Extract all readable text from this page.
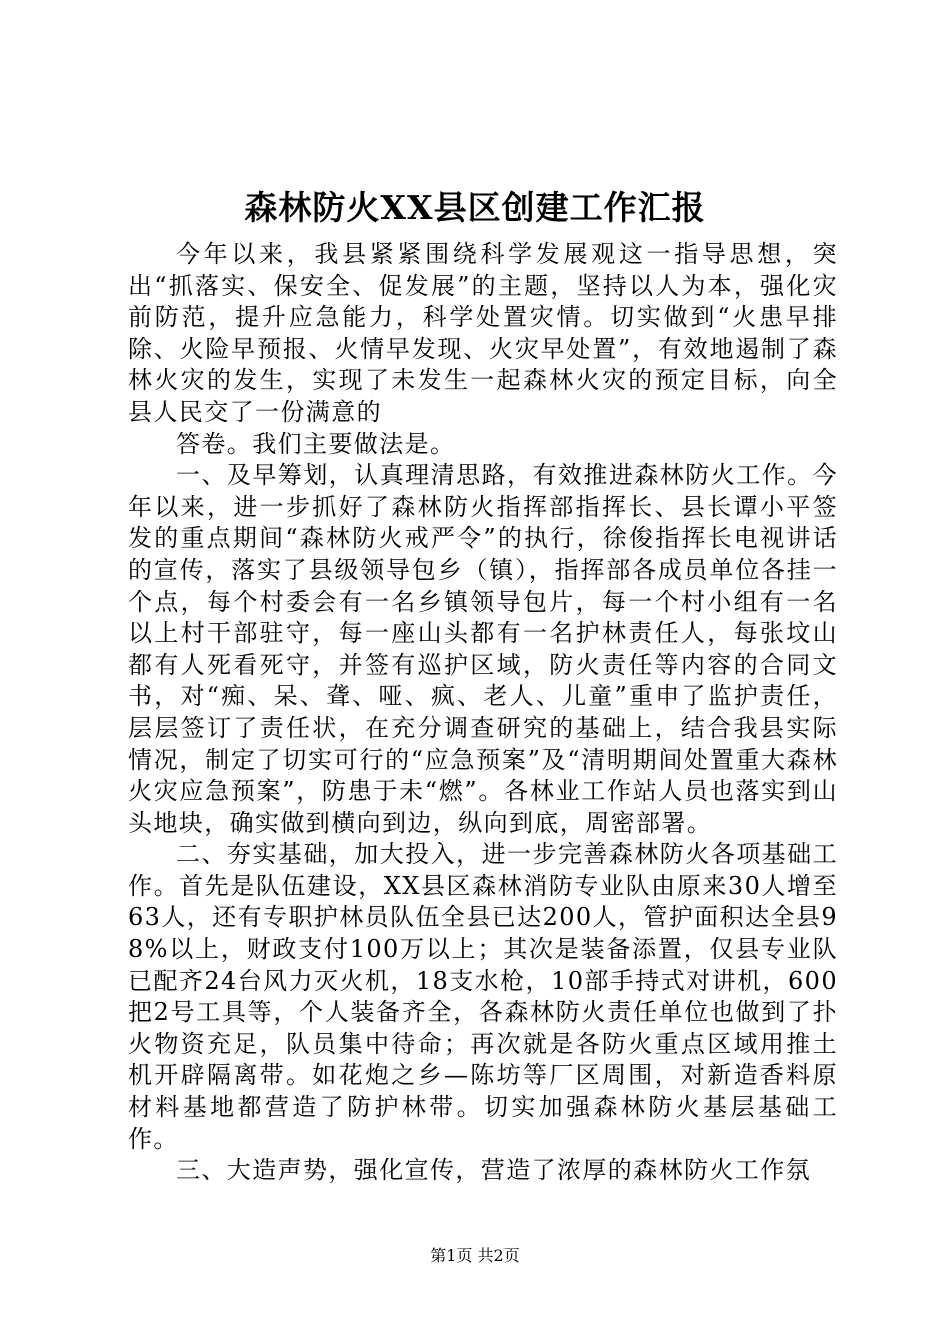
森林防火XX县区创建工作汇报

今年以来，我县紧紧围绕科学发展观这一指导思想，突出“抓落实、保安全、促发展”的主题，坚持以人为本，强化灾前防范，提升应急能力，科学处置灾情。切实做到“火患早排除、火险早预报、火情早发现、火灾早处置”，有效地遏制了森林火灾的发生，实现了未发生一起森林火灾的预定目标，向全县人民交了一份满意的

答卷。我们主要做法是。

一、及早筹划，认真理清思路，有效推进森林防火工作。今年以来，进一步抓好了森林防火指挥部指挥长、县长谭小平签发的重点期间“森林防火戒严令”的执行，徐俊指挥长电视讲话的宣传，落实了县级领导包乡（镇），指挥部各成员单位各挂一个点，每个村委会有一名乡镇领导包片，每一个村小组有一名以上村干部驻守，每一座山头都有一名护林责任人，每张坟山都有人死看死守，并签有巡护区域，防火责任等内容的合同文书，对“痴、呆、聋、哑、疯、老人、儿童”重申了监护责任，层层签订了责任状，在充分调查研究的基础上，结合我县实际情况，制定了切实可行的“应急预案”及“清明期间处置重大森林火灾应急预案”，防患于未“燃”。各林业工作站人员也落实到山头地块，确实做到横向到边，纵向到底，周密部署。

二、夯实基础，加大投入，进一步完善森林防火各项基础工作。首先是队伍建设，XX县区森林消防专业队由原来30人增至63人，还有专职护林员队伍全县已达200人，管护面积达全县98%以上，财政支付100万以上；其次是装备添置，仅县专业队已配齐24台风力灭火机，18支水枪，10部手持式对讲机，600把2号工具等，个人装备齐全，各森林防火责任单位也做到了扑火物资充足，队员集中待命；再次就是各防火重点区域用推土机开辟隔离带。如花炮之乡—陈坊等厂区周围，对新造香料原材料基地都营造了防护林带。切实加强森林防火基层基础工作。

三、大造声势，强化宣传，营造了浓厚的森林防火工作氛

第1页 共2页
